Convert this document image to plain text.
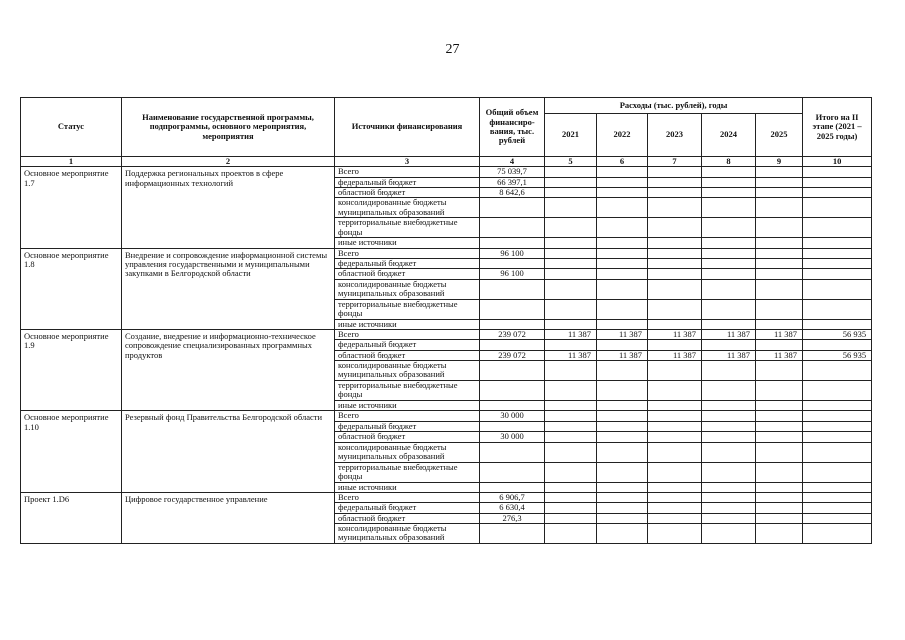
27
Статус	Наименование государственной программы, подпрограммы, основного мероприятия, мероприятия	Источники финансирования	Общий объем финансиро-вания, тыс. рублей	Расходы (тыс. рублей), годы					Итого на II этапе (2021 – 2025 годы)
				2021	2022	2023	2024	2025	
1	2	3	4	5	6	7	8	9	10
Основное мероприятие 1.7	Поддержка региональных проектов в сфере информационных технологий	Всего	75 039,7						
		федеральный бюджет	66 397,1						
		областной бюджет	8 642,6						
		консолидированные бюджеты муниципальных образований							
		территориальные внебюджетные фонды							
		иные источники							
Основное мероприятие 1.8	Внедрение и сопровождение информационной системы управления государственными и муниципальными закупками в Белгородской области	Всего	96 100						
		федеральный бюджет							
		областной бюджет	96 100						
		консолидированные бюджеты муниципальных образований							
		территориальные внебюджетные фонды							
		иные источники							
Основное мероприятие 1.9	Создание, внедрение и информационно-техническое сопровождение специализированных программных продуктов	Всего	239 072	11 387	11 387	11 387	11 387	11 387	56 935
		федеральный бюджет							
		областной бюджет	239 072	11 387	11 387	11 387	11 387	11 387	56 935
		консолидированные бюджеты муниципальных образований							
		территориальные внебюджетные фонды							
		иные источники							
Основное мероприятие 1.10	Резервный фонд Правительства Белгородской области	Всего	30 000						
		федеральный бюджет							
		областной бюджет	30 000						
		консолидированные бюджеты муниципальных образований							
		территориальные внебюджетные фонды							
		иные источники							
Проект 1.D6	Цифровое государственное управление	Всего	6 906,7						
		федеральный бюджет	6 630,4						
		областной бюджет	276,3						
		консолидированные бюджеты муниципальных образований							
